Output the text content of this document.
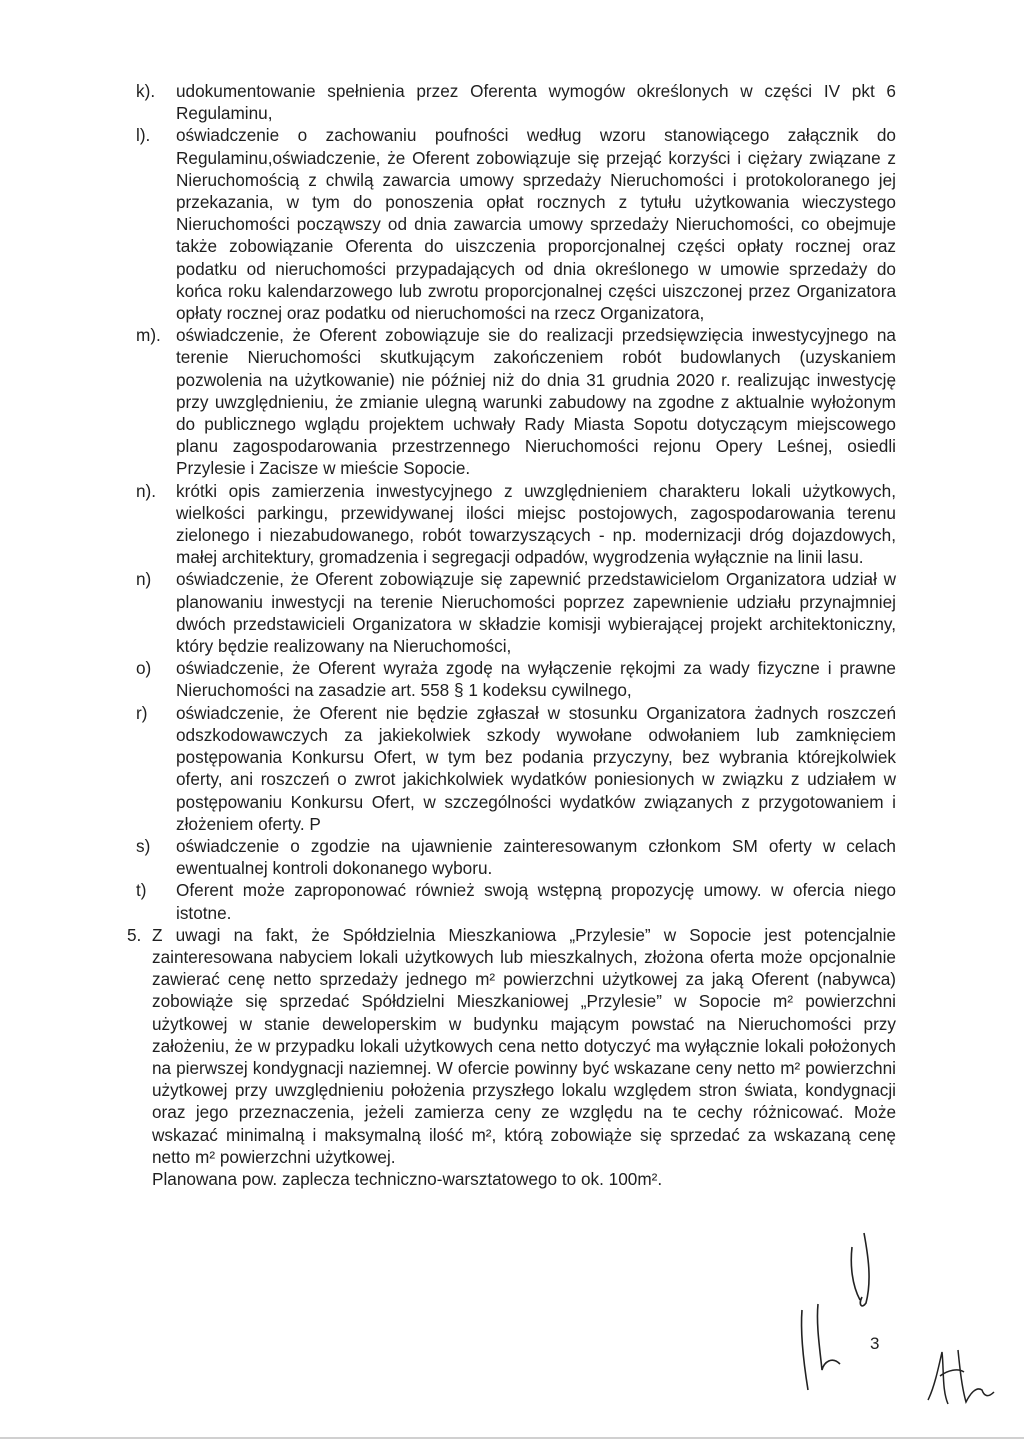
k).	udokumentowanie spełnienia przez Oferenta wymogów określonych w części IV pkt 6 Regulaminu,
l).	oświadczenie o zachowaniu poufności według wzoru stanowiącego załącznik do Regulaminu,oświadczenie, że Oferent zobowiązuje się przejąć korzyści i ciężary związane z Nieruchomością z chwilą zawarcia umowy sprzedaży Nieruchomości i protokoloranego jej przekazania, w tym do ponoszenia opłat rocznych z tytułu użytkowania wieczystego Nieruchomości począwszy od dnia zawarcia umowy sprzedaży Nieruchomości, co obejmuje także zobowiązanie Oferenta do uiszczenia proporcjonalnej części opłaty rocznej oraz podatku od nieruchomości przypadających od dnia określonego w umowie sprzedaży do końca roku kalendarzowego lub zwrotu proporcjonalnej części uiszczonej przez Organizatora opłaty rocznej oraz podatku od nieruchomości na rzecz Organizatora,
m). oświadczenie, że Oferent zobowiązuje sie do realizacji przedsięwzięcia inwestycyjnego na terenie Nieruchomości skutkującym zakończeniem robót budowlanych (uzyskaniem pozwolenia na użytkowanie) nie później niż do dnia 31 grudnia 2020 r. realizując inwestycję przy uwzględnieniu, że zmianie ulegną warunki zabudowy na zgodne z aktualnie wyłożonym do publicznego wglądu projektem uchwały Rady Miasta Sopotu dotyczącym miejscowego planu zagospodarowania przestrzennego Nieruchomości rejonu Opery Leśnej, osiedli Przylesie i Zacisze w mieście Sopocie.
n).	krótki opis zamierzenia inwestycyjnego z uwzględnieniem charakteru lokali użytkowych, wielkości parkingu, przewidywanej ilości miejsc postojowych, zagospodarowania terenu zielonego i niezabudowanego, robót towarzyszących - np. modernizacji dróg dojazdowych, małej architektury, gromadzenia i segregacji odpadów, wygrodzenia wyłącznie na linii lasu.
n)	oświadczenie, że Oferent zobowiązuje się zapewnić przedstawicielom Organizatora udział w planowaniu inwestycji na terenie Nieruchomości poprzez zapewnienie udziału przynajmniej dwóch przedstawicieli Organizatora w składzie komisji wybierającej projekt architektoniczny, który będzie realizowany na Nieruchomości,
o)	oświadczenie, że Oferent wyraża zgodę na wyłączenie rękojmi za wady fizyczne i prawne Nieruchomości na zasadzie art. 558 § 1 kodeksu cywilnego,
r)	oświadczenie, że Oferent nie będzie zgłaszał w stosunku Organizatora żadnych roszczeń odszkodowawczych za jakiekolwiek szkody wywołane odwołaniem lub zamknięciem postępowania Konkursu Ofert, w tym bez podania przyczyny, bez wybrania którejkolwiek oferty, ani roszczeń o zwrot jakichkolwiek wydatków poniesionych w związku z udziałem w postępowaniu Konkursu Ofert, w szczególności wydatków związanych z przygotowaniem i złożeniem oferty. P
s)	oświadczenie o zgodzie na ujawnienie zainteresowanym członkom SM oferty w celach ewentualnej kontroli dokonanego wyboru.
t)	Oferent może zaproponować również swoją wstępną propozycję umowy. w ofercia niego istotne.
5. Z uwagi na fakt, że Spółdzielnia Mieszkaniowa „Przylesie” w Sopocie jest potencjalnie zainteresowana nabyciem lokali użytkowych lub mieszkalnych, złożona oferta może opcjonalnie zawierać cenę netto sprzedaży jednego m² powierzchni użytkowej za jaką Oferent (nabywca) zobowiąże się sprzedać Spółdzielni Mieszkaniowej „Przylesie” w Sopocie m² powierzchni użytkowej w stanie deweloperskim w budynku mającym powstać na Nieruchomości przy założeniu, że w przypadku lokali użytkowych cena netto dotyczyć ma wyłącznie lokali położonych na pierwszej kondygnacji naziemnej. W ofercie powinny być wskazane ceny netto m² powierzchni użytkowej przy uwzględnieniu położenia przyszłego lokalu względem stron świata, kondygnacji oraz jego przeznaczenia, jeżeli zamierza ceny ze względu na te cechy różnicować. Może wskazać minimalną i maksymalną ilość m², którą zobowiąże się sprzedać za wskazaną cenę netto m² powierzchni użytkowej.
Planowana pow. zaplecza techniczno-warsztatowego to ok. 100m².
3
